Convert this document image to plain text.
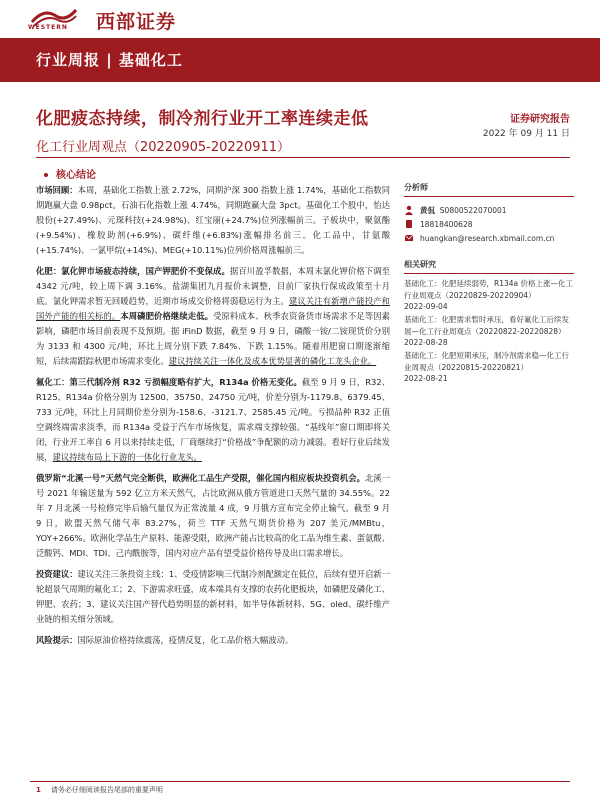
WESTERN 西部证券
行业周报 | 基础化工
化肥疲态持续，制冷剂行业开工率连续走低	证券研究报告
化工行业周观点（20220905-20220911）
2022 年 09 月 11 日
核心结论

市场回顾：本周，基础化工指数上涨 2.72%，同期沪深 300 指数上涨 1.74%，基础化工指数同期跑赢大盘 0.98pct。石油石化指数上涨 4.74%，同期跑赢大盘 3pct。基础化工个股中，怡达股份(+27.49%)、元琛科技(+24.98%)、红宝丽(+24.7%)位列涨幅前三。子板块中，聚氨酯(+9.54%)、橡胶助剂(+6.9%)、碳纤维(+6.83%)涨幅排名前三。化工品中，甘氨酸(+15.74%)、一氯甲烷(+14%)、MEG(+10.11%)位列价格周涨幅前三。

化肥：氯化钾市场疲态持续，国产钾肥价不变保成。据百川盈孚数据，本周末氯化钾价格下调至 4342 元/吨，较上周下调 3.16%。盐湖集团九月报价未调整，目前厂家执行保成政策至十月底。氯化钾需求暂无回暖趋势，近期市场成交价格将弱稳运行为主。建议关注有新增产能投产和国外产能的相关标的。本周磷肥价格继续走低。受原料成本、秋季农资备货市场需求不足等因素影响，磷肥市场目前表现不及预期。据 iFinD 数据，截至 9 月 9 日，磷酸一铵/二铵现货价分别为 3133 和 4300 元/吨，环比上周分别下跌 7.84%、下跌 1.15%。随着用肥窗口期逐渐缩短，后续需跟踪秋肥市场需求变化。建议持续关注一体化及成本优势显著的磷化工龙头企业。

氟化工：第三代制冷剂 R32 亏损幅度略有扩大，R134a 价格无变化。截至 9 月 9 日，R32、R125、R134a 价格分别为 12500、35750、24750 元/吨，价差分别为-1179.8、6379.45、733 元/吨，环比上月同期价差分别为-158.6、-3121.7、2585.45 元/吨。亏损品种 R32 正值空调终端需求淡季，而 R134a 受益于汽车市场恢复，需求端支撑较强。“基线年”窗口期即将关闭，行业开工率自 6 月以来持续走低，厂商继续打“价格战”争配额的动力减弱。看好行业后续发展，建议持续布局上下游的一体化行业龙头。

俄罗斯“北溪一号”天然气完全断供，欧洲化工品生产受限，催化国内相应板块投资机会。北溪一号 2021 年输送量为 592 亿立方米天然气，占比欧洲从俄方管道进口天然气量的 34.55%。22 年 7 月北溪一号检修完毕后输气量仅为正常流量 4 成，9 月俄方宣布完全停止输气。截至 9 月 9 日，欧盟天然气储气率 83.27%，荷兰 TTF 天然气期货价格为 207 美元/MMBtu，YOY+266%。欧洲化学品生产原料、能源受限，欧洲产能占比较高的化工品为维生素、蛋氨酸、泛酸钙、MDI、TDI、己内酰胺等，国内对应产品有望受益价格传导及出口需求增长。

投资建议：建议关注三条投资主线：1、受疫情影响三代制冷剂配额定在低位，后续有望开启新一轮超景气周期的氟化工；2、下游需求旺盛，成本端具有支撑的农药化肥板块，如磷肥及磷化工、钾肥、农药；3、建议关注国产替代趋势明显的新材料，如半导体新材料、5G、oled、碳纤维产业链的相关细分领域。

风险提示：国际原油价格持续震荡，疫情反复，化工品价格大幅波动。

分析师
黄侃
S0800522070001
18818400628
huangkan@research.xbmail.com.cn
相关研究
基础化工：化肥延续弱势，R134a 价格上涨—化工行业周观点（20220829-20220904）
2022-09-04
基础化工：化肥需求暂时承压，看好氟化工后续发展—化工行业周观点（20220822-20220828）
2022-08-28
基础化工：化肥短期承压，制冷剂需求稳—化工行业周观点（20220815-20220821）
2022-08-21
1 请务必仔细阅读报告尾部的重要声明
